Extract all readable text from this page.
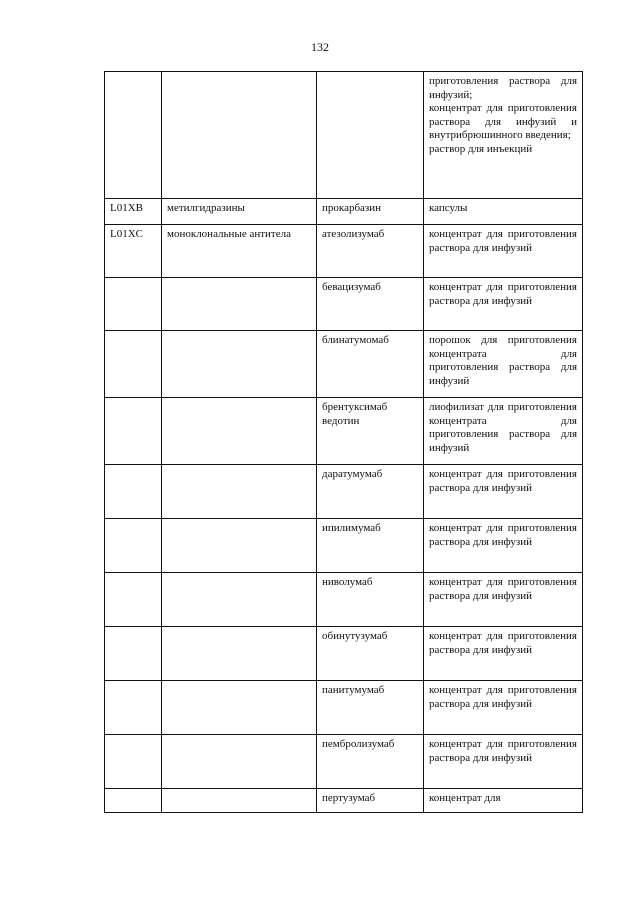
132

			приготовления раствора для инфузий;
концентрат для приготовления раствора для инфузий и внутрибрюшинного введения;
раствор для инъекций

L01XB	метилгидразины	прокарбазин	капсулы
L01XC	моноклональные антитела	атезолизумаб	концентрат для приготовления раствора для инфузий
		бевацизумаб	концентрат для приготовления раствора для инфузий
		блинатумомаб	порошок для приготовления концентрата для приготовления раствора для инфузий
		брентуксимаб ведотин	лиофилизат для приготовления концентрата для приготовления раствора для инфузий
		даратумумаб	концентрат для приготовления раствора для инфузий
		ипилимумаб	концентрат для приготовления раствора для инфузий
		ниволумаб	концентрат для приготовления раствора для инфузий
		обинутузумаб	концентрат для приготовления раствора для инфузий
		панитумумаб	концентрат для приготовления раствора для инфузий
		пембролизумаб	концентрат для приготовления раствора для инфузий
		пертузумаб	концентрат для
